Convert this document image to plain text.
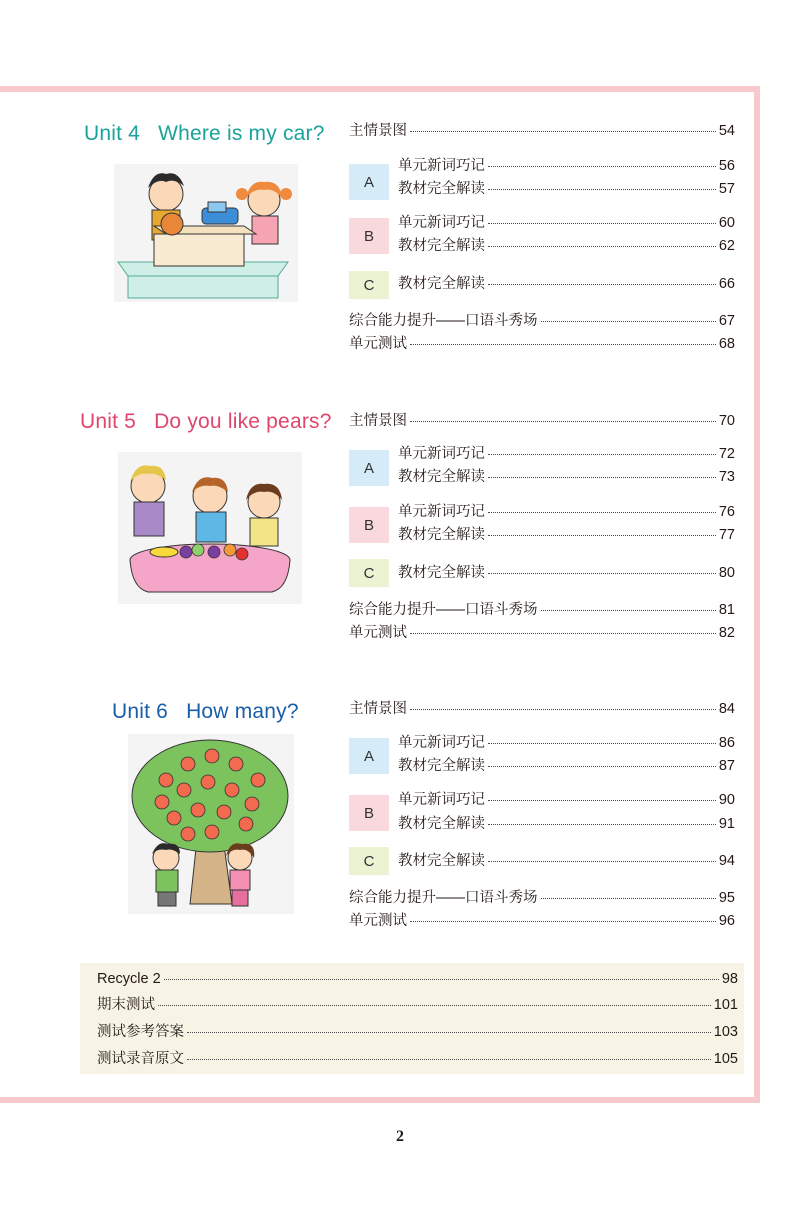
Unit 4 Where is my car? 主情景图	54
A
单元新词巧记	56
教材完全解读	57
B
单元新词巧记	60
教材完全解读	62
C 教材完全解读	66
综合能力提升——口语斗秀场	67
单元测试	68
Unit 5 Do you like pears? 主情景图	70
A
单元新词巧记	72
教材完全解读	73
B
单元新词巧记	76
教材完全解读	77
C 教材完全解读	80
综合能力提升——口语斗秀场	81
单元测试	82
Unit 6 How many?	主情景图	84
A
单元新词巧记	86
教材完全解读	87
B
单元新词巧记	90
教材完全解读	91
C 教材完全解读	94
综合能力提升——口语斗秀场	95
单元测试	96
Recycle 2	98
期末测试	101
测试参考答案	103
测试录音原文	105
2
